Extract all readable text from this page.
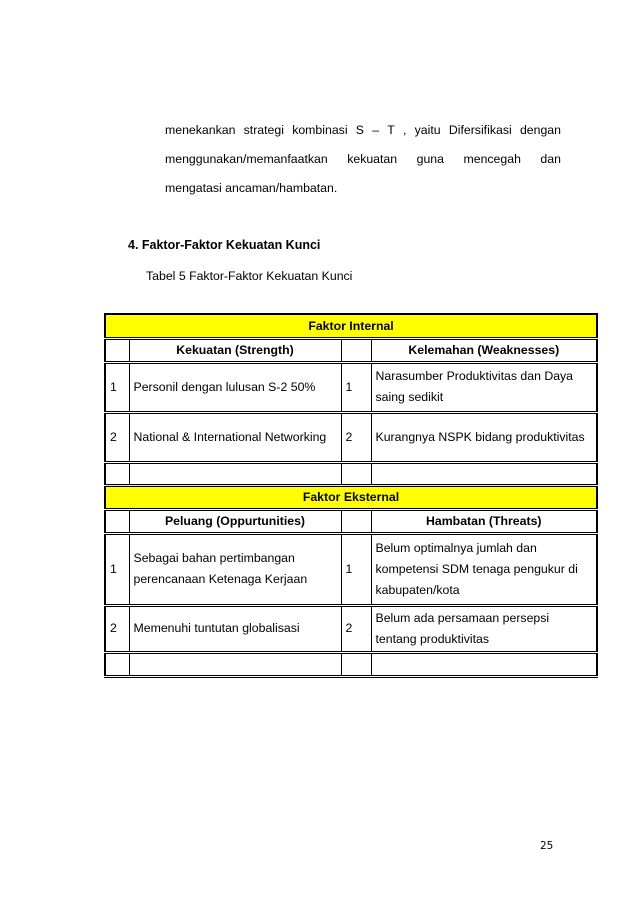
menekankan strategi kombinasi S – T , yaitu Difersifikasi dengan
menggunakan/memanfaatkan kekuatan guna mencegah dan
mengatasi ancaman/hambatan.
4. Faktor-Faktor Kekuatan Kunci
Tabel 5 Faktor-Faktor Kekuatan Kunci
Faktor Internal			
	Kekuatan (Strength)		Kelemahan (Weaknesses)
1	Personil dengan lulusan S-2 50%	1	Narasumber Produktivitas dan Daya saing sedikit
2	National & International Networking	2	Kurangnya NSPK bidang produktivitas

Faktor Eksternal			
	Peluang (Oppurtunities)		Hambatan (Threats)
1	Sebagai bahan pertimbangan perencanaan Ketenaga Kerjaan	1	Belum optimalnya jumlah dan kompetensi SDM tenaga pengukur di kabupaten/kota
2	Memenuhi tuntutan globalisasi	2	Belum ada persamaan persepsi tentang produktivitas

25
